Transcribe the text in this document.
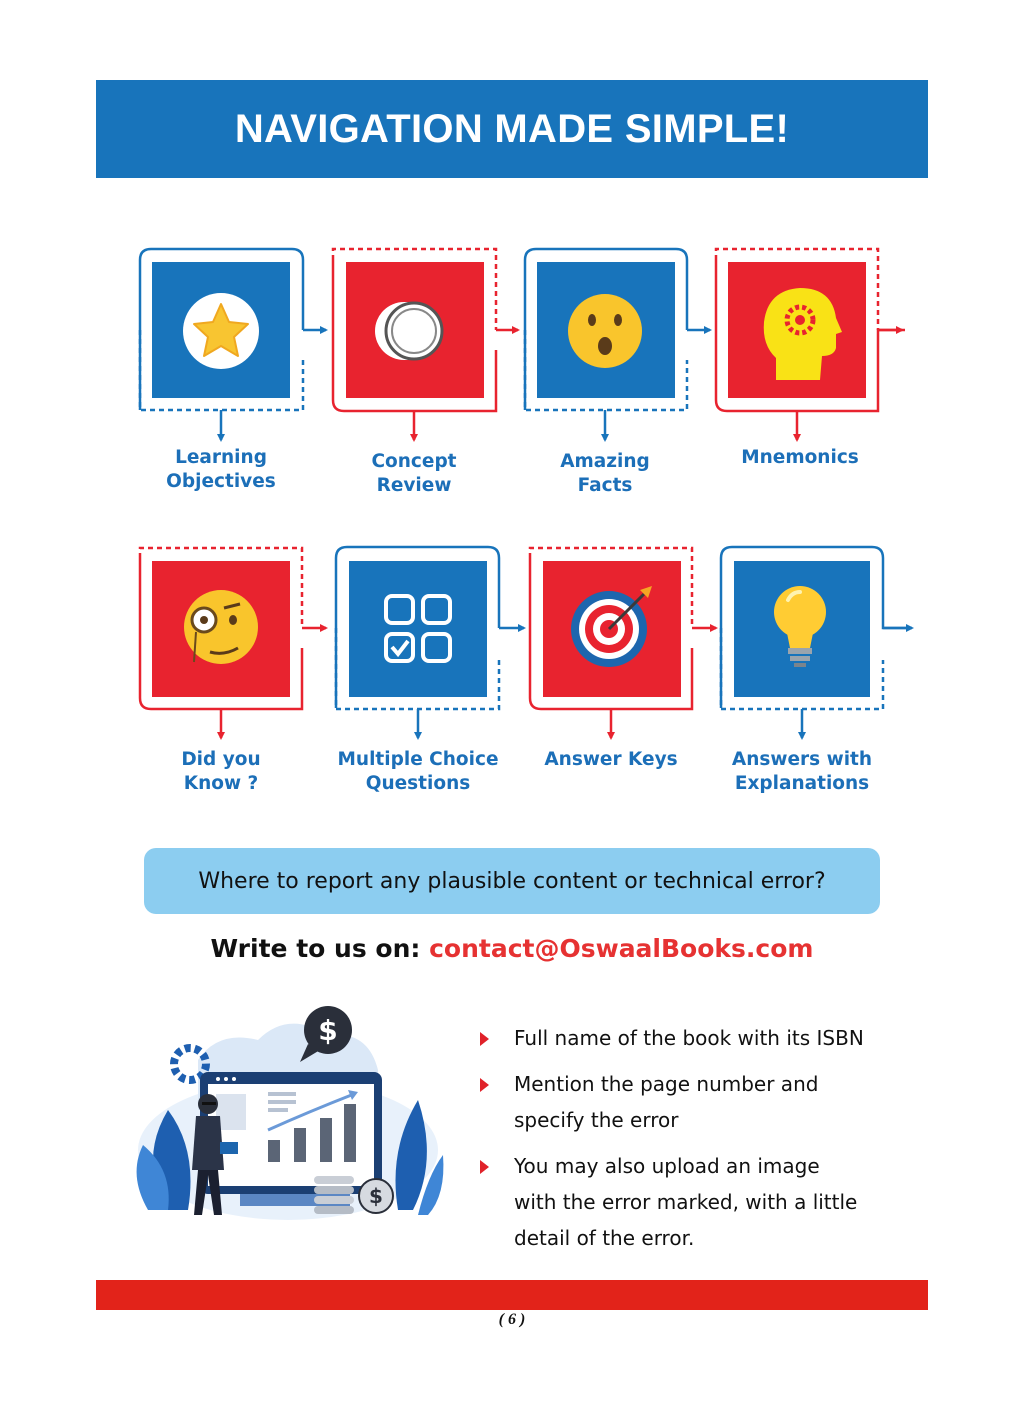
NAVIGATION MADE SIMPLE!
Learning
Objectives
Concept
Review
Amazing
Facts
Mnemonics
Did you
Know ?
Multiple Choice
Questions
Answer Keys	Answers with
Explanations
Where to report any plausible content or technical error?
Write to us on: contact@OswaalBooks.com
$
$	Full name of the book with its ISBN
Mention the page number and
specify the error
You may also upload an image
with the error marked, with a little
detail of the error.
( 6 )
